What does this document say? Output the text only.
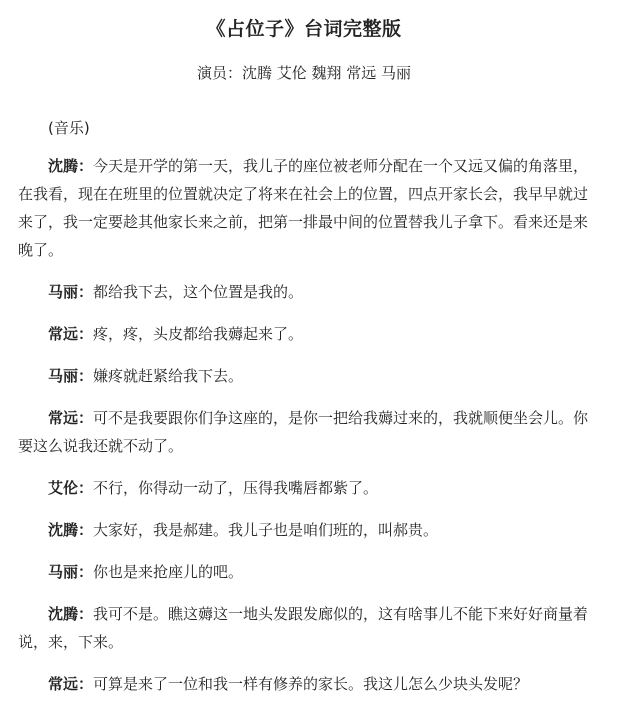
《占位子》台词完整版
演员：沈腾 艾伦 魏翔 常远 马丽

(音乐)

沈腾：今天是开学的第一天，我儿子的座位被老师分配在一个又远又偏的角落里，在我看，现在在班里的位置就决定了将来在社会上的位置，四点开家长会，我早早就过来了，我一定要趁其他家长来之前，把第一排最中间的位置替我儿子拿下。看来还是来晚了。

马丽：都给我下去，这个位置是我的。

常远：疼，疼，头皮都给我薅起来了。

马丽：嫌疼就赶紧给我下去。

常远：可不是我要跟你们争这座的，是你一把给我薅过来的，我就顺便坐会儿。你要这么说我还就不动了。

艾伦：不行，你得动一动了，压得我嘴唇都紫了。

沈腾：大家好，我是郝建。我儿子也是咱们班的，叫郝贵。

马丽：你也是来抢座儿的吧。

沈腾：我可不是。瞧这薅这一地头发跟发廊似的，这有啥事儿不能下来好好商量着说，来，下来。

常远：可算是来了一位和我一样有修养的家长。我这儿怎么少块头发呢？
